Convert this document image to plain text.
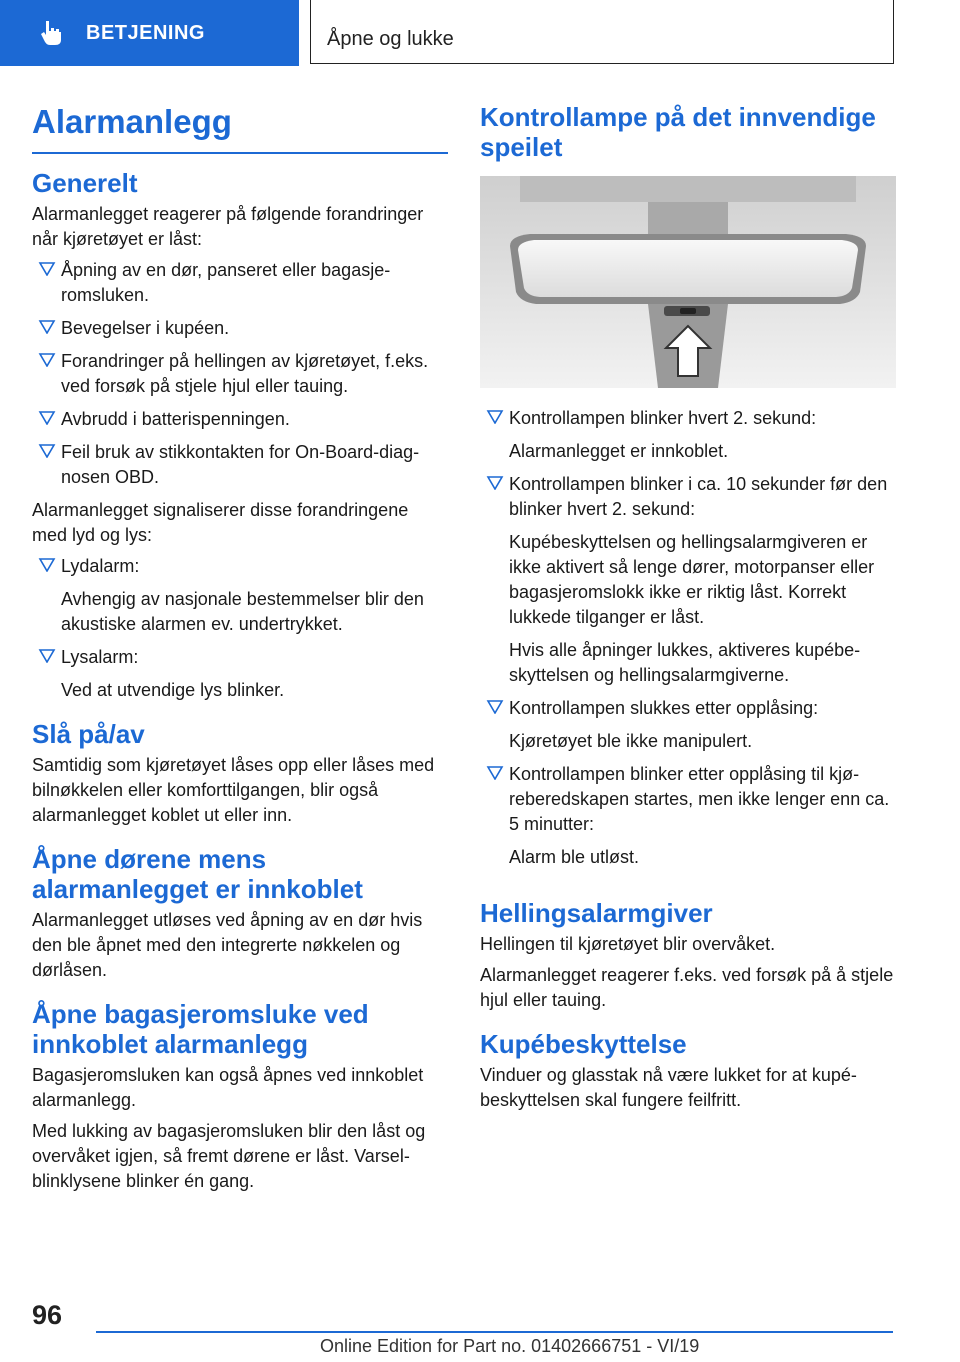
BETJENING	Åpne og lukke
Alarmanlegg
Generelt

Alarmanlegget reagerer på følgende forandringer når kjøretøyet er låst:

Åpning av en dør, panseret eller bagasje-romsluken.
Bevegelser i kupéen.
Forandringer på hellingen av kjøretøyet, f.eks. ved forsøk på stjele hjul eller tauing.
Avbrudd i batterispenningen.
Feil bruk av stikkontakten for On-Board-diag-nosen OBD.

Alarmanlegget signaliserer disse forandringene med lyd og lys:

Lydalarm:
Avhengig av nasjonale bestemmelser blir den akustiske alarmen ev. undertrykket.
Lysalarm:
Ved at utvendige lys blinker.
Slå på/av

Samtidig som kjøretøyet låses opp eller låses med bilnøkkelen eller komforttilgangen, blir også alarmanlegget koblet ut eller inn.

Åpne dørene mens alarmanlegget er innkoblet

Alarmanlegget utløses ved åpning av en dør hvis den ble åpnet med den integrerte nøkkelen og dørlåsen.

Åpne bagasjeromsluke ved innkoblet alarmanlegg

Bagasjeromsluken kan også åpnes ved innkoblet alarmanlegg.

Med lukking av bagasjeromsluken blir den låst og overvåket igjen, så fremt dørene er låst. Varsel-blinklysene blinker én gang.

Kontrollampe på det innvendige speilet
Kontrollampen blinker hvert 2. sekund:
Alarmanlegget er innkoblet.
Kontrollampen blinker i ca. 10 sekunder før den blinker hvert 2. sekund:
Kupébeskyttelsen og hellingsalarmgiveren er ikke aktivert så lenge dører, motorpanser eller bagasjeromslokk ikke er riktig låst. Korrekt lukkede tilganger er låst.
Hvis alle åpninger lukkes, aktiveres kupébe-skyttelsen og hellingsalarmgiverne.
Kontrollampen slukkes etter opplåsing:
Kjøretøyet ble ikke manipulert.
Kontrollampen blinker etter opplåsing til kjø-reberedskapen startes, men ikke lenger enn ca. 5 minutter:
Alarm ble utløst.
Hellingsalarmgiver

Hellingen til kjøretøyet blir overvåket.

Alarmanlegget reagerer f.eks. ved forsøk på å stjele hjul eller tauing.

Kupébeskyttelse

Vinduer og glasstak nå være lukket for at kupé-beskyttelsen skal fungere feilfritt.

96
Online Edition for Part no. 01402666751 - VI/19
